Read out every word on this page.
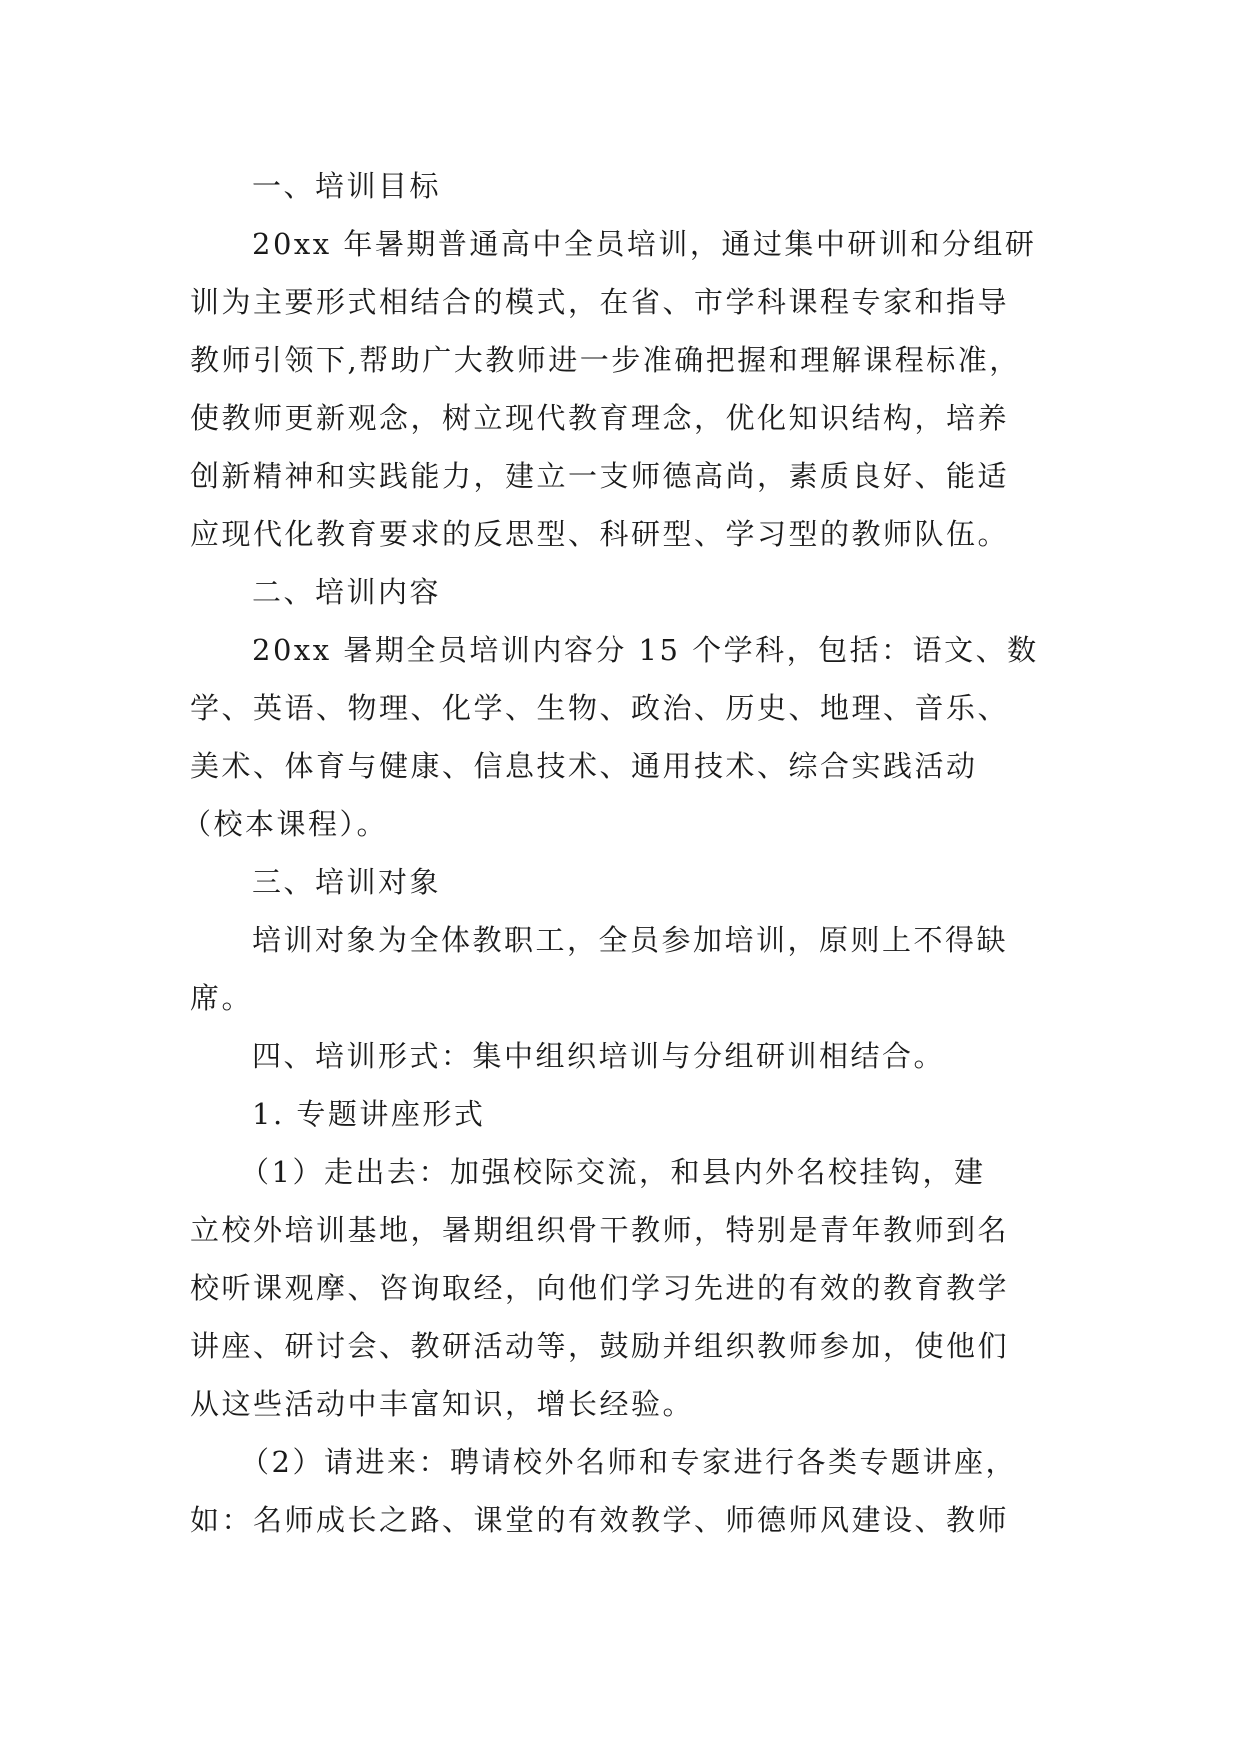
一、培训目标
20xx 年暑期普通高中全员培训，通过集中研训和分组研
训为主要形式相结合的模式，在省、市学科课程专家和指导
教师引领下,帮助广大教师进一步准确把握和理解课程标准，
使教师更新观念，树立现代教育理念，优化知识结构，培养
创新精神和实践能力，建立一支师德高尚，素质良好、能适
应现代化教育要求的反思型、科研型、学习型的教师队伍。
二、培训内容
20xx 暑期全员培训内容分 15 个学科，包括：语文、数
学、英语、物理、化学、生物、政治、历史、地理、音乐、
美术、体育与健康、信息技术、通用技术、综合实践活动
（校本课程）。
三、培训对象
培训对象为全体教职工，全员参加培训，原则上不得缺
席。
四、培训形式：集中组织培训与分组研训相结合。
1. 专题讲座形式
（1）走出去：加强校际交流，和县内外名校挂钩，建
立校外培训基地，暑期组织骨干教师，特别是青年教师到名
校听课观摩、咨询取经，向他们学习先进的有效的教育教学
讲座、研讨会、教研活动等，鼓励并组织教师参加，使他们
从这些活动中丰富知识，增长经验。
（2）请进来：聘请校外名师和专家进行各类专题讲座，
如：名师成长之路、课堂的有效教学、师德师风建设、教师
